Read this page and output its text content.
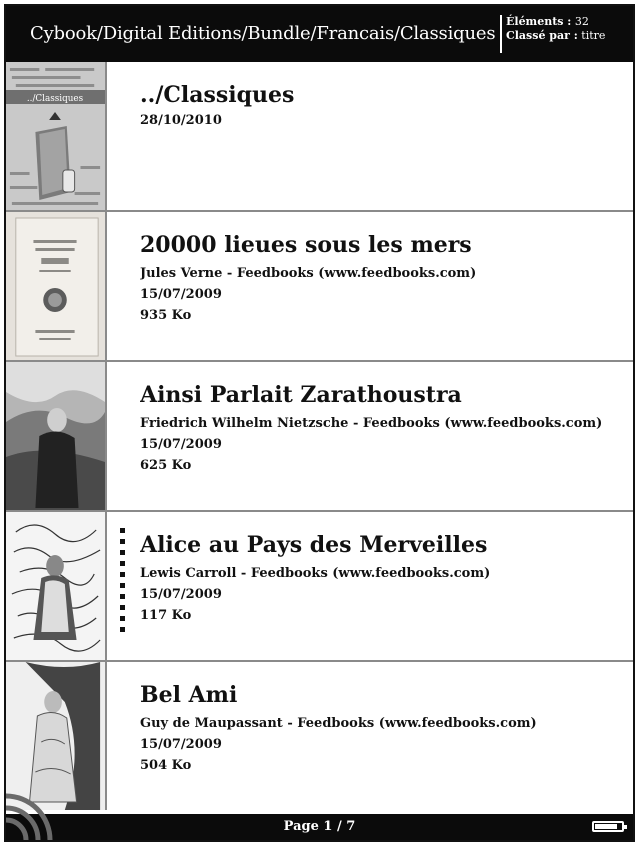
Cybook/Digital Editions/Bundle/Francais/Classiques
Éléments : 32
Classé par : titre
../Classiques	../Classiques
28/10/2010
20000 lieues sous les mers
Jules Verne - Feedbooks (www.feedbooks.com)
15/07/2009
935 Ko
Ainsi Parlait Zarathoustra
Friedrich Wilhelm Nietzsche - Feedbooks (www.feedbooks.com)
15/07/2009
625 Ko
Alice au Pays des Merveilles
Lewis Carroll - Feedbooks (www.feedbooks.com)
15/07/2009
117 Ko
Bel Ami
Guy de Maupassant - Feedbooks (www.feedbooks.com)
15/07/2009
504 Ko
Page 1 / 7
